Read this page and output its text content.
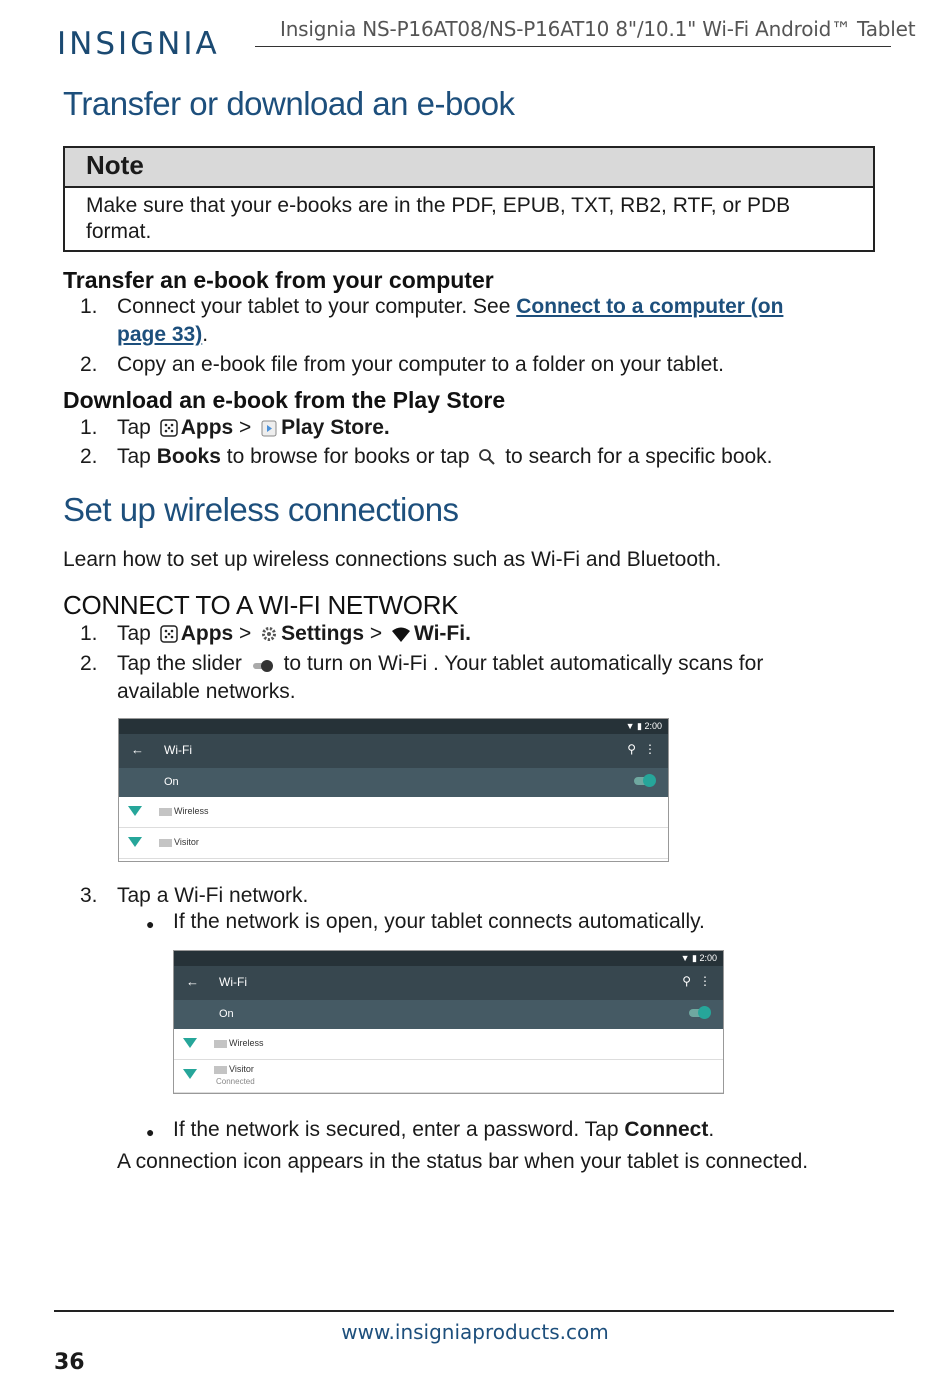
INSIGNIA	Insignia NS-P16AT08/NS-P16AT10 8"/10.1" Wi-Fi Android™ Tablet
Transfer or download an e-book
Note
Make sure that your e-books are in the PDF, EPUB, TXT, RB2, RTF, or PDB format.
Transfer an e-book from your computer
1. Connect your tablet to your computer. See Connect to a computer (on page 33).
2. Copy an e-book file from your computer to a folder on your tablet.
Download an e-book from the Play Store
1. Tap Apps > Play Store.
2. Tap Books to browse for books or tap to search for a specific book.
Set up wireless connections
Learn how to set up wireless connections such as Wi-Fi and Bluetooth.
CONNECT TO A WI-FI NETWORK
1. Tap Apps > Settings > Wi-Fi.
2. Tap the slider to turn on Wi-Fi . Your tablet automatically scans for
available networks.
▼ ▮ 2:00
← Wi-Fi	⚲ ⋮
On
Wireless
Visitor
3. Tap a Wi-Fi network.
● If the network is open, your tablet connects automatically.
▼ ▮ 2:00
← Wi-Fi	⚲ ⋮
On
Wireless
Visitor
Connected
● If the network is secured, enter a password. Tap Connect.
A connection icon appears in the status bar when your tablet is connected.
www.insigniaproducts.com
36
